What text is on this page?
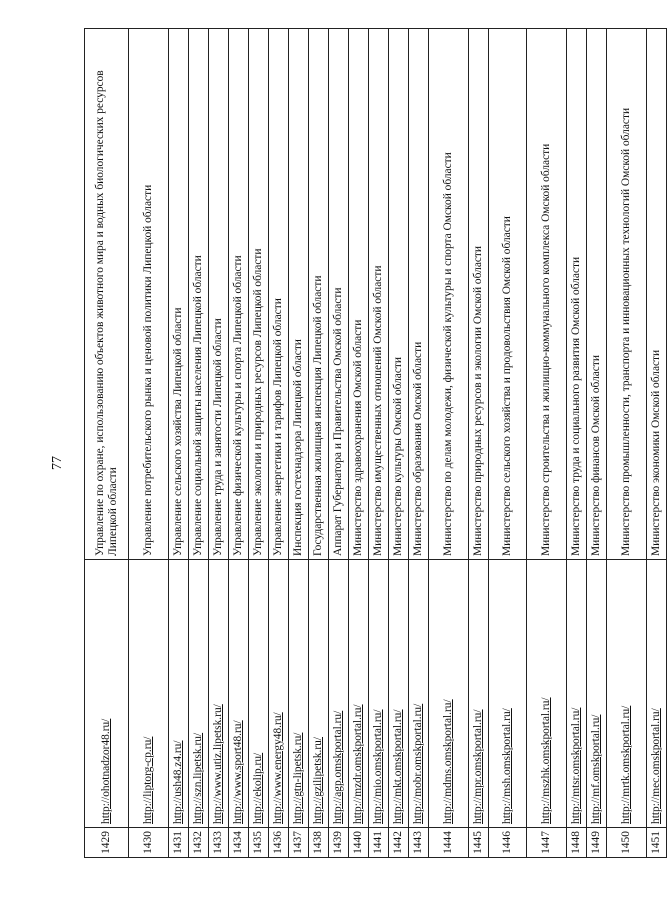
77
1429	http://ohotnadzor48.ru/	Управление по охране, использованию объектов животного мира и водных биологических ресурсов Липецкой области
1430	http://liptorg-cp.ru/	Управление потребительского рынка и ценовой политики Липецкой области
1431	http://ush48.z4.ru/	Управление сельского хозяйства Липецкой области
1432	http://szn.lipetsk.ru/	Управление социальной защиты населения Липецкой области
1433	http://www.utiz.lipetsk.ru/	Управление труда и занятости Липецкой области
1434	http://www.sport48.ru/	Управление физической культуры и спорта Липецкой области
1435	http://ekolip.ru/	Управление экологии и природных ресурсов Липецкой области
1436	http://www.energy48.ru/	Управление энергетики и тарифов Липецкой области
1437	http://gtn-lipetsk.ru/	Инспекция гостехнадзора Липецкой области
1438	http://gzilipetsk.ru/	Государственная жилищная инспекция Липецкой области
1439	http://agp.omskportal.ru/	Аппарат Губернатора и Правительства Омской области
1440	http://mzdr.omskportal.ru/	Министерство здравоохранения Омской области
1441	http://mio.omskportal.ru/	Министерство имущественных отношений Омской области
1442	http://mkt.omskportal.ru/	Министерство культуры Омской области
1443	http://mobr.omskportal.ru/	Министерство образования Омской области
1444	http://mdms.omskportal.ru/	Министерство по делам молодежи, физической культуры и спорта Омской области
1445	http://mpr.omskportal.ru/	Министерство природных ресурсов и экологии Омской области
1446	http://msh.omskportal.ru/	Министерство сельского хозяйства и продовольствия Омской области
1447	http://mszhk.omskportal.ru/	Министерство строительства и жилищно-коммунального комплекса Омской области
1448	http://mtsr.omskportal.ru/	Министерство труда и социального развития Омской области
1449	http://mf.omskportal.ru/	Министерство финансов Омской области
1450	http://mrtk.omskportal.ru/	Министерство промышленности, транспорта и инновационных технологий Омской области
1451	http://mec.omskportal.ru/	Министерство экономики Омской области
